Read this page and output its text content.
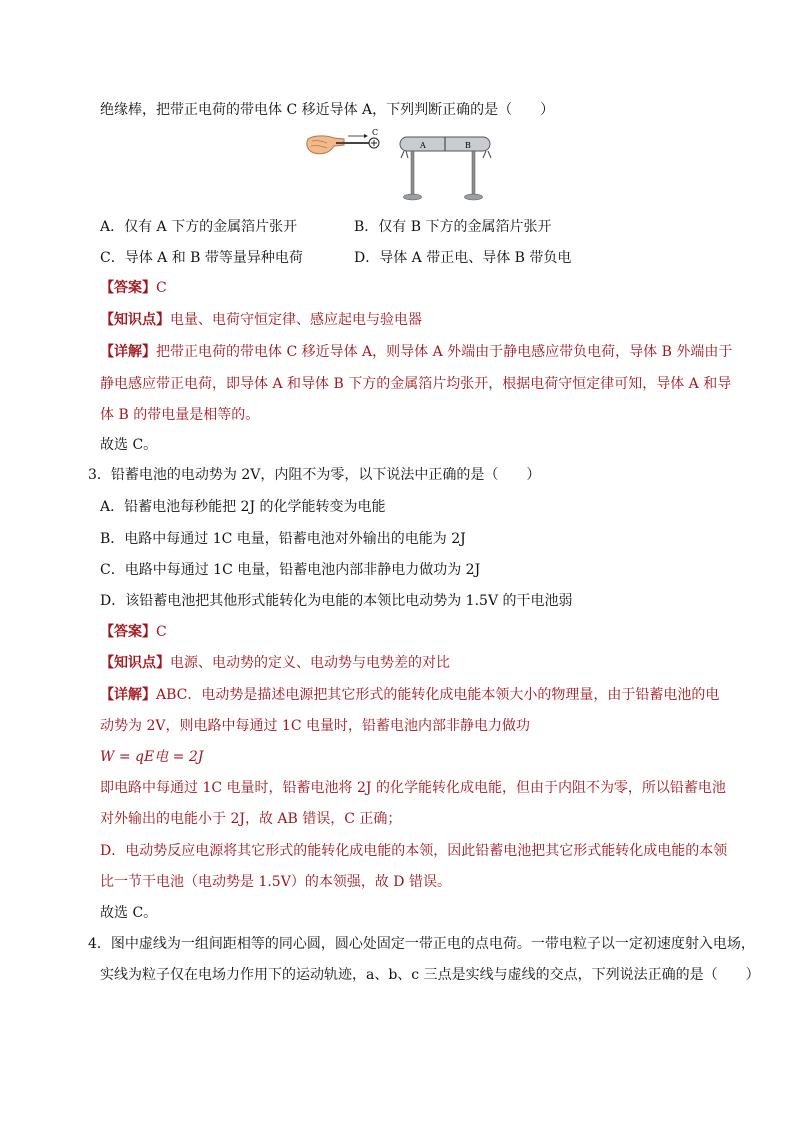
绝缘棒，把带正电荷的带电体 C 移近导体 A，下列判断正确的是（　　）
C
A	B
A．仅有 A 下方的金属箔片张开	B．仅有 B 下方的金属箔片张开
C．导体 A 和 B 带等量异种电荷	D．导体 A 带正电、导体 B 带负电
【答案】C
【知识点】电量、电荷守恒定律、感应起电与验电器
【详解】把带正电荷的带电体 C 移近导体 A，则导体 A 外端由于静电感应带负电荷，导体 B 外端由于
静电感应带正电荷，即导体 A 和导体 B 下方的金属箔片均张开，根据电荷守恒定律可知，导体 A 和导
体 B 的带电量是相等的。
故选 C。
3．铅蓄电池的电动势为 2V，内阻不为零，以下说法中正确的是（　　）
A．铅蓄电池每秒能把 2J 的化学能转变为电能
B．电路中每通过 1C 电量，铅蓄电池对外输出的电能为 2J
C．电路中每通过 1C 电量，铅蓄电池内部非静电力做功为 2J
D．该铅蓄电池把其他形式能转化为电能的本领比电动势为 1.5V 的干电池弱
【答案】C
【知识点】电源、电动势的定义、电动势与电势差的对比
【详解】ABC．电动势是描述电源把其它形式的能转化成电能本领大小的物理量，由于铅蓄电池的电
动势为 2V，则电路中每通过 1C 电量时，铅蓄电池内部非静电力做功
W = qE电 = 2J
即电路中每通过 1C 电量时，铅蓄电池将 2J 的化学能转化成电能，但由于内阻不为零，所以铅蓄电池
对外输出的电能小于 2J，故 AB 错误，C 正确；
D．电动势反应电源将其它形式的能转化成电能的本领，因此铅蓄电池把其它形式能转化成电能的本领
比一节干电池（电动势是 1.5V）的本领强，故 D 错误。
故选 C。
4．图中虚线为一组间距相等的同心圆，圆心处固定一带正电的点电荷。一带电粒子以一定初速度射入电场，
实线为粒子仅在电场力作用下的运动轨迹，a、b、c 三点是实线与虚线的交点，下列说法正确的是（　　）
